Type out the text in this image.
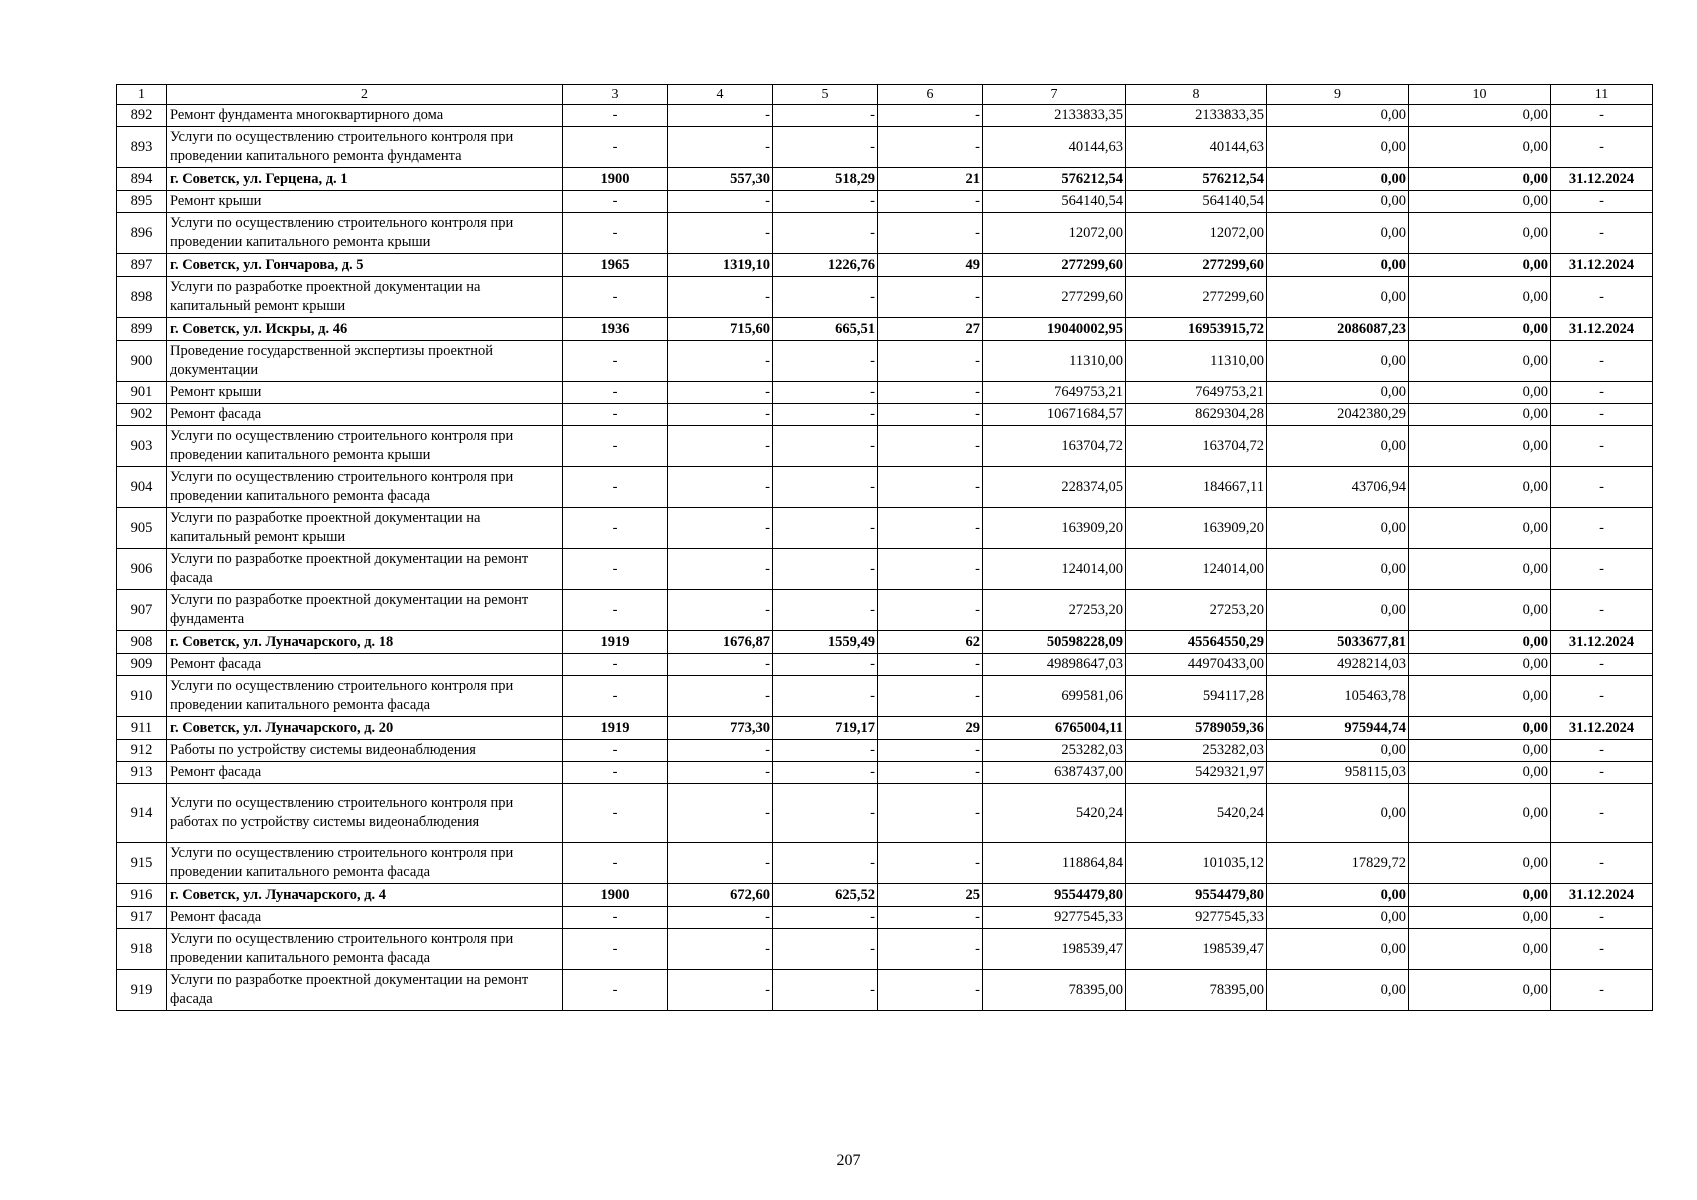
1	2	3	4	5	6	7	8	9	10	11
892	Ремонт фундамента многоквартирного дома	-	-	-	-	2133833,35	2133833,35	0,00	0,00	-
893	Услуги по осуществлению строительного контроля при проведении капитального ремонта фундамента	-	-	-	-	40144,63	40144,63	0,00	0,00	-
894	г. Советск, ул. Герцена, д. 1	1900	557,30	518,29	21	576212,54	576212,54	0,00	0,00	31.12.2024
895	Ремонт крыши	-	-	-	-	564140,54	564140,54	0,00	0,00	-
896	Услуги по осуществлению строительного контроля при проведении капитального ремонта крыши	-	-	-	-	12072,00	12072,00	0,00	0,00	-
897	г. Советск, ул. Гончарова, д. 5	1965	1319,10	1226,76	49	277299,60	277299,60	0,00	0,00	31.12.2024
898	Услуги по разработке проектной документации на капитальный ремонт крыши	-	-	-	-	277299,60	277299,60	0,00	0,00	-
899	г. Советск, ул. Искры, д. 46	1936	715,60	665,51	27	19040002,95	16953915,72	2086087,23	0,00	31.12.2024
900	Проведение государственной экспертизы проектной документации	-	-	-	-	11310,00	11310,00	0,00	0,00	-
901	Ремонт крыши	-	-	-	-	7649753,21	7649753,21	0,00	0,00	-
902	Ремонт фасада	-	-	-	-	10671684,57	8629304,28	2042380,29	0,00	-
903	Услуги по осуществлению строительного контроля при проведении капитального ремонта крыши	-	-	-	-	163704,72	163704,72	0,00	0,00	-
904	Услуги по осуществлению строительного контроля при проведении капитального ремонта фасада	-	-	-	-	228374,05	184667,11	43706,94	0,00	-
905	Услуги по разработке проектной документации на капитальный ремонт крыши	-	-	-	-	163909,20	163909,20	0,00	0,00	-
906	Услуги по разработке проектной документации на ремонт фасада	-	-	-	-	124014,00	124014,00	0,00	0,00	-
907	Услуги по разработке проектной документации на ремонт фундамента	-	-	-	-	27253,20	27253,20	0,00	0,00	-
908	г. Советск, ул. Луначарского, д. 18	1919	1676,87	1559,49	62	50598228,09	45564550,29	5033677,81	0,00	31.12.2024
909	Ремонт фасада	-	-	-	-	49898647,03	44970433,00	4928214,03	0,00	-
910	Услуги по осуществлению строительного контроля при проведении капитального ремонта фасада	-	-	-	-	699581,06	594117,28	105463,78	0,00	-
911	г. Советск, ул. Луначарского, д. 20	1919	773,30	719,17	29	6765004,11	5789059,36	975944,74	0,00	31.12.2024
912	Работы по устройству системы видеонаблюдения	-	-	-	-	253282,03	253282,03	0,00	0,00	-
913	Ремонт фасада	-	-	-	-	6387437,00	5429321,97	958115,03	0,00	-
914	Услуги по осуществлению строительного контроля при работах по устройству системы видеонаблюдения	-	-	-	-	5420,24	5420,24	0,00	0,00	-
915	Услуги по осуществлению строительного контроля при проведении капитального ремонта фасада	-	-	-	-	118864,84	101035,12	17829,72	0,00	-
916	г. Советск, ул. Луначарского, д. 4	1900	672,60	625,52	25	9554479,80	9554479,80	0,00	0,00	31.12.2024
917	Ремонт фасада	-	-	-	-	9277545,33	9277545,33	0,00	0,00	-
918	Услуги по осуществлению строительного контроля при проведении капитального ремонта фасада	-	-	-	-	198539,47	198539,47	0,00	0,00	-
919	Услуги по разработке проектной документации на ремонт фасада	-	-	-	-	78395,00	78395,00	0,00	0,00	-
207
